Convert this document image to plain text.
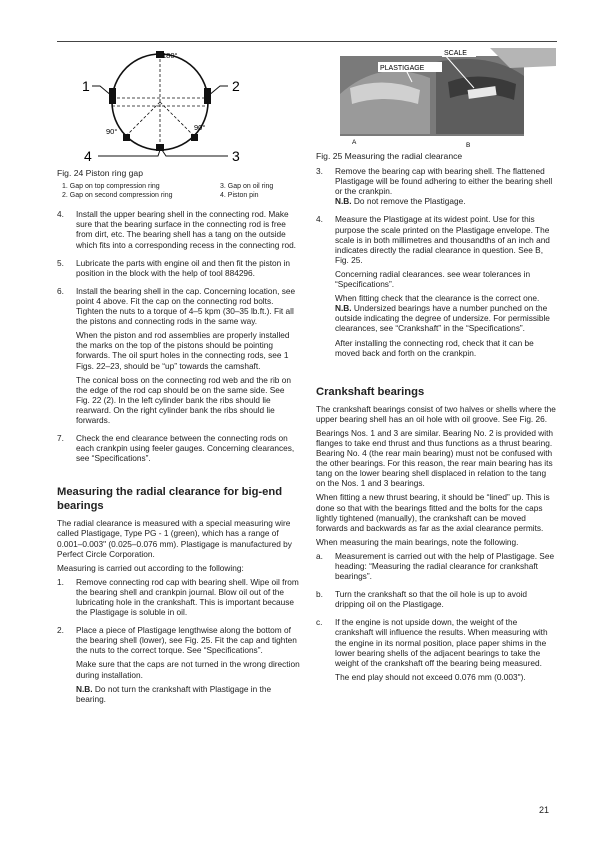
180°
90°	90°
1	2
3
4
PLASTIGAGE
SCALE
A	B

Fig. 24 Piston ring gap

1. Gap on top compression ring	3. Gap on oil ring
2. Gap on second compression ring	4. Piston pin
4.	Install the upper bearing shell in the connecting rod. Make sure that the bearing surface in the connecting rod is free from dirt, etc. The bearing shell has a tang on the outside which fits into a corresponding recess in the connecting rod.

5.	Lubricate the parts with engine oil and then fit the piston in position in the block with the help of tool 884296.

6.	Install the bearing shell in the cap. Concerning location, see point 4 above. Fit the cap on the connecting rod bolts. Tighten the nuts to a torque of 4–5 kpm (30–35 lb.ft.). Fit all the pistons and connecting rods in the same way.

When the piston and rod assemblies are properly installed the marks on the top of the pistons should be pointing forwards. The oil spurt holes in the connecting rods, see 1 Figs. 22–23, should be “up” towards the camshaft.

The conical boss on the connecting rod web and the rib on the edge of the rod cap should be on the same side. See Fig. 22 (2). In the left cylinder bank the ribs should lie rearward. On the right cylinder bank the ribs should lie forwards.

7.	Check the end clearance between the connecting rods on each crankpin using feeler gauges. Concerning clearances, see “Specifications”.

Measuring the radial clearance for big-end bearings

The radial clearance is measured with a special measuring wire called Plastigage, Type PG - 1 (green), which has a range of 0.001–0.003" (0.025–0.076 mm). Plastigage is manufactured by Perfect Circle Corporation.

Measuring is carried out according to the following:

1.	Remove connecting rod cap with bearing shell. Wipe oil from the bearing shell and crankpin journal. Blow oil out of the lubricating hole in the crankshaft. This is important because the Plastigage is soluble in oil.

2.	Place a piece of Plastigage lengthwise along the bottom of the bearing shell (lower), see Fig. 25. Fit the cap and tighten the nuts to the correct torque. See “Specifications”.

Make sure that the caps are not turned in the wrong direction during installation.

N.B. Do not turn the crankshaft with Plastigage in the bearing.

Fig. 25 Measuring the radial clearance

3.	Remove the bearing cap with bearing shell. The flattened Plastigage will be found adhering to either the bearing shell or the crankpin.
N.B. Do not remove the Plastigage.

4.	Measure the Plastigage at its widest point. Use for this purpose the scale printed on the Plastigage envelope. The scale is in both millimetres and thousandths of an inch and indicates directly the radial clearance in question. See B, Fig. 25.

Concerning radial clearances. see wear tolerances in “Specifications”.

When fitting check that the clearance is the correct one.
N.B. Undersized bearings have a number punched on the outside indicating the degree of undersize. For permissible clearances, see “Crankshaft” in the “Specifications”.

After installing the connecting rod, check that it can be moved back and forth on the crankpin.

Crankshaft bearings

The crankshaft bearings consist of two halves or shells where the upper bearing shell has an oil hole with oil groove. See Fig. 26.

Bearings Nos. 1 and 3 are similar. Bearing No. 2 is provided with flanges to take end thrust and thus functions as a thrust bearing. Bearing No. 4 (the rear main bearing) must not be confused with the other bearings. For this reason, the rear main bearing has its tang on the lower bearing shell displaced in relation to the tang on the Nos. 1 and 3 bearings.

When fitting a new thrust bearing, it should be “lined” up. This is done so that with the bearings fitted and the bolts for the caps lightly tightened (manually), the crankshaft can be moved forwards and backwards as far as the axial clearance permits.

When measuring the main bearings, note the following.

a.	Measurement is carried out with the help of Plastigage. See heading: “Measuring the radial clearance for crankshaft bearings”.

b.	Turn the crankshaft so that the oil hole is up to avoid dripping oil on the Plastigage.

c.	If the engine is not upside down, the weight of the crankshaft will influence the results. When measuring with the engine in its normal position, place paper shims in the lower bearing shells of the adjacent bearings to take the weight of the crankshaft off the bearing being measured.

The end play should not exceed 0.076 mm (0.003").

21
